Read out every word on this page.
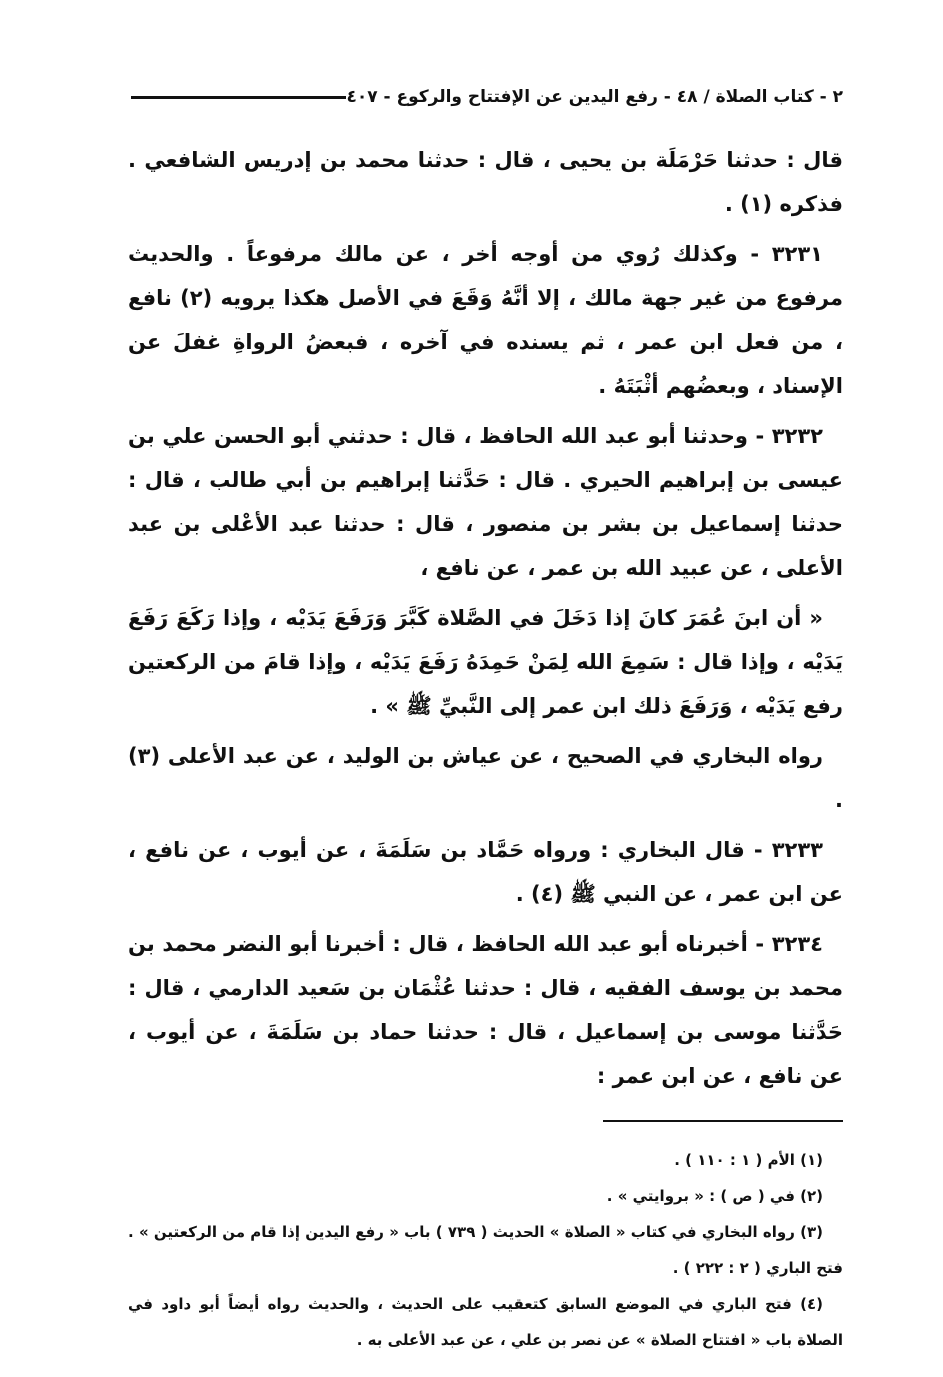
٢ - كتاب الصلاة / ٤٨ - رفع اليدين عن الإفتتاح والركوع - ٤٠٧

قال : حدثنا حَرْمَلَة بن يحيى ، قال : حدثنا محمد بن إدريس الشافعي . فذكره (١) .

٣٢٣١ - وكذلك رُوي من أوجه أخر ، عن مالك مرفوعاً . والحديث مرفوع من غير جهة مالك ، إلا أنَّهُ وَقَعَ في الأصل هكذا يرويه (٢) نافع ، من فعل ابن عمر ، ثم يسنده في آخره ، فبعضُ الرواةِ غفلَ عن الإسناد ، وبعضُهم أثْبَتَهُ .

٣٢٣٢ - وحدثنا أبو عبد الله الحافظ ، قال : حدثني أبو الحسن علي بن عيسى بن إبراهيم الحيري . قال : حَدَّثنا إبراهيم بن أبي طالب ، قال : حدثنا إسماعيل بن بشر بن منصور ، قال : حدثنا عبد الأعْلى بن عبد الأعلى ، عن عبيد الله بن عمر ، عن نافع ،

« أن ابنَ عُمَرَ كانَ إذا دَخَلَ في الصَّلاة كَبَّرَ وَرَفَعَ يَدَيْه ، وإذا رَكَعَ رَفَعَ يَدَيْه ، وإذا قال : سَمِعَ الله لِمَنْ حَمِدَهُ رَفَعَ يَدَيْه ، وإذا قامَ من الركعتين رفع يَدَيْه ، وَرَفَعَ ذلك ابن عمر إلى النَّبيِّ ﷺ » .

رواه البخاري في الصحيح ، عن عياش بن الوليد ، عن عبد الأعلى (٣) .

٣٢٣٣ - قال البخاري : ورواه حَمَّاد بن سَلَمَةَ ، عن أيوب ، عن نافع ، عن ابن عمر ، عن النبي ﷺ (٤) .

٣٢٣٤ - أخبرناه أبو عبد الله الحافظ ، قال : أخبرنا أبو النضر محمد بن محمد بن يوسف الفقيه ، قال : حدثنا عُثْمَان بن سَعيد الدارمي ، قال : حَدَّثنا موسى بن إسماعيل ، قال : حدثنا حماد بن سَلَمَةَ ، عن أيوب ، عن نافع ، عن ابن عمر :

(١) الأم ( ١ : ١١٠ ) .

(٢) في ( ص ) : « بروايتي » .

(٣) رواه البخاري في كتاب « الصلاة » الحديث ( ٧٣٩ ) باب « رفع اليدين إذا قام من الركعتين » . فتح الباري ( ٢ : ٢٢٢ ) .

(٤) فتح الباري في الموضع السابق كتعقيب على الحديث ، والحديث رواه أيضاً أبو داود في الصلاة باب « افتتاح الصلاة » عن نصر بن علي ، عن عبد الأعلى به .
